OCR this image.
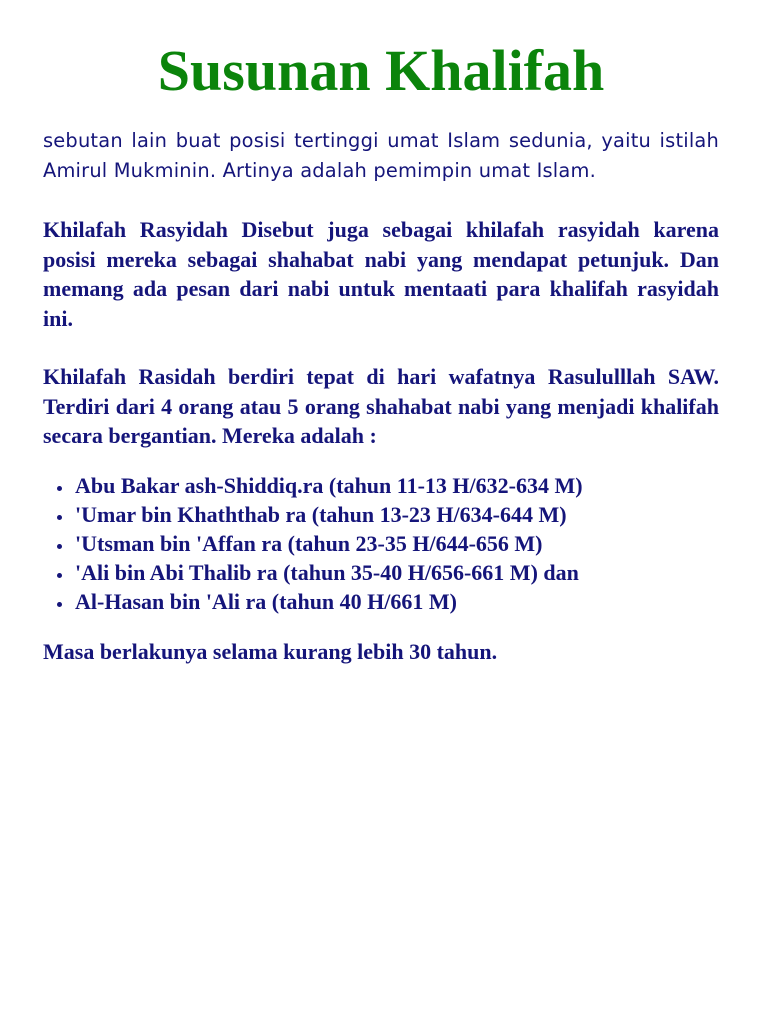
Susunan Khalifah

sebutan lain buat posisi tertinggi umat Islam sedunia, yaitu istilah Amirul Mukminin. Artinya adalah pemimpin umat Islam.

Khilafah Rasyidah Disebut juga sebagai khilafah rasyidah karena posisi mereka sebagai shahabat nabi yang mendapat petunjuk. Dan memang ada pesan dari nabi untuk mentaati para khalifah rasyidah ini.

Khilafah Rasidah berdiri tepat di hari wafatnya Rasululllah SAW. Terdiri dari 4 orang atau 5 orang shahabat nabi yang menjadi khalifah secara bergantian. Mereka adalah :

Abu Bakar ash-Shiddiq.ra (tahun 11-13 H/632-634 M)
'Umar bin Khaththab ra (tahun 13-23 H/634-644 M)
'Utsman bin 'Affan ra (tahun 23-35 H/644-656 M)
'Ali bin Abi Thalib ra (tahun 35-40 H/656-661 M) dan
Al-Hasan bin 'Ali ra (tahun 40 H/661 M)

Masa berlakunya selama kurang lebih 30 tahun.
